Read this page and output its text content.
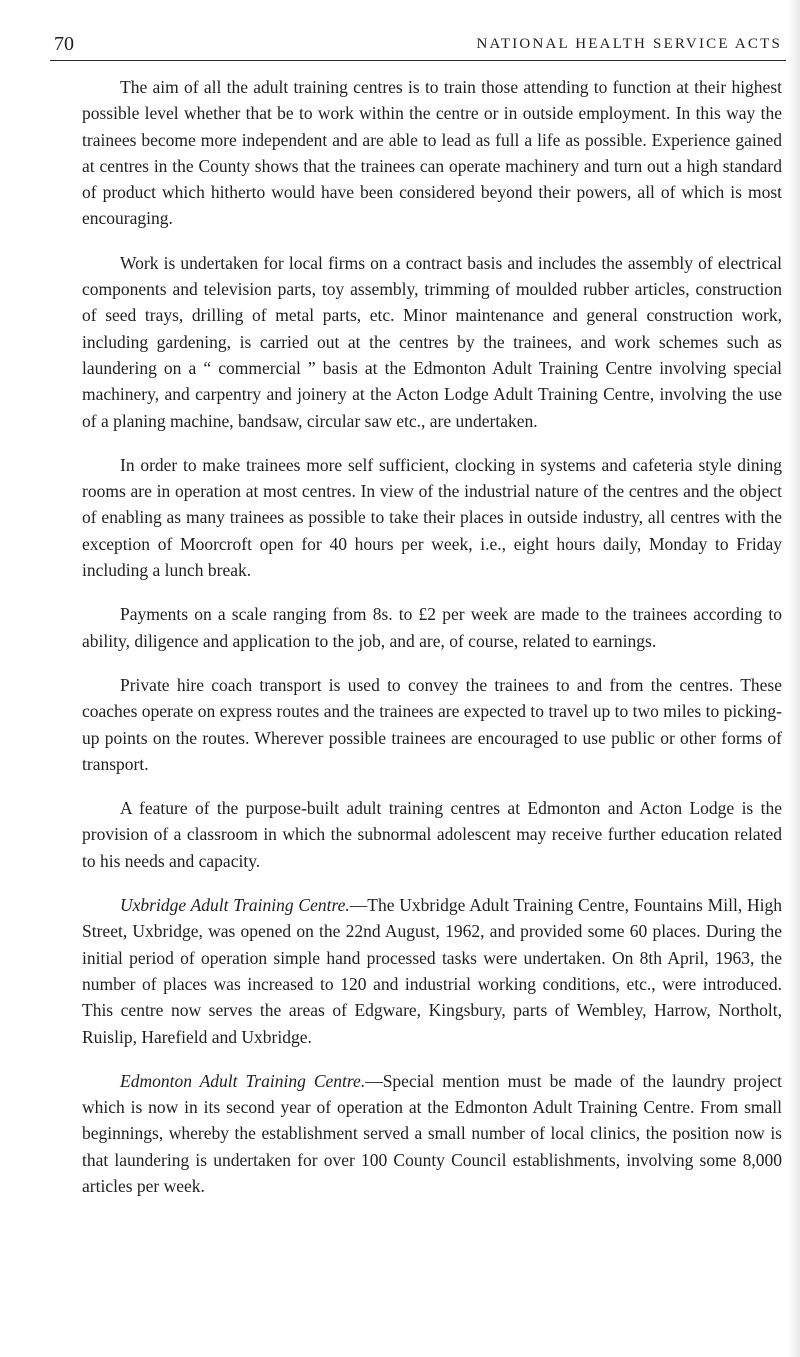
70	NATIONAL HEALTH SERVICE ACTS

The aim of all the adult training centres is to train those attending to function at their highest possible level whether that be to work within the centre or in outside employment. In this way the trainees become more independent and are able to lead as full a life as possible. Experience gained at centres in the County shows that the trainees can operate machinery and turn out a high standard of product which hitherto would have been considered beyond their powers, all of which is most encouraging.

Work is undertaken for local firms on a contract basis and includes the assembly of electrical components and television parts, toy assembly, trimming of moulded rubber articles, construction of seed trays, drilling of metal parts, etc. Minor maintenance and general construction work, including gardening, is carried out at the centres by the trainees, and work schemes such as laundering on a “ commercial ” basis at the Edmonton Adult Training Centre involving special machinery, and carpentry and joinery at the Acton Lodge Adult Training Centre, involving the use of a planing machine, bandsaw, circular saw etc., are undertaken.

In order to make trainees more self sufficient, clocking in systems and cafeteria style dining rooms are in operation at most centres. In view of the industrial nature of the centres and the object of enabling as many trainees as possible to take their places in outside industry, all centres with the exception of Moorcroft open for 40 hours per week, i.e., eight hours daily, Monday to Friday including a lunch break.

Payments on a scale ranging from 8s. to £2 per week are made to the trainees according to ability, diligence and application to the job, and are, of course, related to earnings.

Private hire coach transport is used to convey the trainees to and from the centres. These coaches operate on express routes and the trainees are expected to travel up to two miles to picking-up points on the routes. Wherever possible trainees are encouraged to use public or other forms of transport.

A feature of the purpose-built adult training centres at Edmonton and Acton Lodge is the provision of a classroom in which the subnormal adolescent may receive further education related to his needs and capacity.

Uxbridge Adult Training Centre.—The Uxbridge Adult Training Centre, Fountains Mill, High Street, Uxbridge, was opened on the 22nd August, 1962, and provided some 60 places. During the initial period of operation simple hand processed tasks were undertaken. On 8th April, 1963, the number of places was increased to 120 and industrial working conditions, etc., were introduced. This centre now serves the areas of Edgware, Kingsbury, parts of Wembley, Harrow, Northolt, Ruislip, Harefield and Uxbridge.

Edmonton Adult Training Centre.—Special mention must be made of the laundry project which is now in its second year of operation at the Edmonton Adult Training Centre. From small beginnings, whereby the establishment served a small number of local clinics, the position now is that laundering is undertaken for over 100 County Council establishments, involving some 8,000 articles per week.
